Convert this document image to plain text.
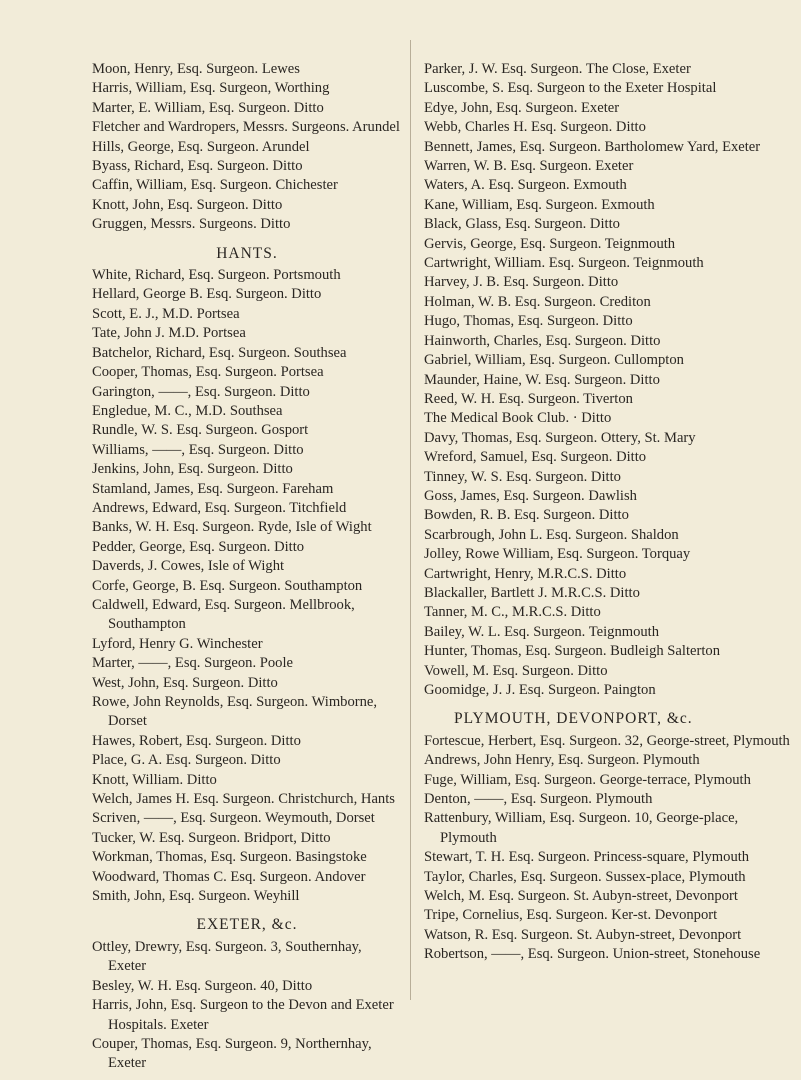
Moon, Henry, Esq. Surgeon. Lewes

Harris, William, Esq. Surgeon, Worthing

Marter, E. William, Esq. Surgeon. Ditto

Fletcher and Wardropers, Messrs. Surgeons. Arundel

Hills, George, Esq. Surgeon. Arundel

Byass, Richard, Esq. Surgeon. Ditto

Caffin, William, Esq. Surgeon. Chichester

Knott, John, Esq. Surgeon. Ditto

Gruggen, Messrs. Surgeons. Ditto

HANTS.

White, Richard, Esq. Surgeon. Portsmouth

Hellard, George B. Esq. Surgeon. Ditto

Scott, E. J., M.D. Portsea

Tate, John J. M.D. Portsea

Batchelor, Richard, Esq. Surgeon. Southsea

Cooper, Thomas, Esq. Surgeon. Portsea

Garington, ——, Esq. Surgeon. Ditto

Engledue, M. C., M.D. Southsea

Rundle, W. S. Esq. Surgeon. Gosport

Williams, ——, Esq. Surgeon. Ditto

Jenkins, John, Esq. Surgeon. Ditto

Stamland, James, Esq. Surgeon. Fareham

Andrews, Edward, Esq. Surgeon. Titchfield

Banks, W. H. Esq. Surgeon. Ryde, Isle of Wight

Pedder, George, Esq. Surgeon. Ditto

Daverds, J. Cowes, Isle of Wight

Corfe, George, B. Esq. Surgeon. Southampton

Caldwell, Edward, Esq. Surgeon. Mellbrook, Southampton

Lyford, Henry G. Winchester

Marter, ——, Esq. Surgeon. Poole

West, John, Esq. Surgeon. Ditto

Rowe, John Reynolds, Esq. Surgeon. Wimborne, Dorset

Hawes, Robert, Esq. Surgeon. Ditto

Place, G. A. Esq. Surgeon. Ditto

Knott, William. Ditto

Welch, James H. Esq. Surgeon. Christchurch, Hants

Scriven, ——, Esq. Surgeon. Weymouth, Dorset

Tucker, W. Esq. Surgeon. Bridport, Ditto

Workman, Thomas, Esq. Surgeon. Basingstoke

Woodward, Thomas C. Esq. Surgeon. Andover

Smith, John, Esq. Surgeon. Weyhill

EXETER, &c.

Ottley, Drewry, Esq. Surgeon. 3, Southernhay, Exeter

Besley, W. H. Esq. Surgeon. 40, Ditto

Harris, John, Esq. Surgeon to the Devon and Exeter Hospitals. Exeter

Couper, Thomas, Esq. Surgeon. 9, Northernhay, Exeter

Parker, J. W. Esq. Surgeon. The Close, Exeter

Luscombe, S. Esq. Surgeon to the Exeter Hospital

Edye, John, Esq. Surgeon. Exeter

Webb, Charles H. Esq. Surgeon. Ditto

Bennett, James, Esq. Surgeon. Bartholomew Yard, Exeter

Warren, W. B. Esq. Surgeon. Exeter

Waters, A. Esq. Surgeon. Exmouth

Kane, William, Esq. Surgeon. Exmouth

Black, Glass, Esq. Surgeon. Ditto

Gervis, George, Esq. Surgeon. Teignmouth

Cartwright, William. Esq. Surgeon. Teignmouth

Harvey, J. B. Esq. Surgeon. Ditto

Holman, W. B. Esq. Surgeon. Crediton

Hugo, Thomas, Esq. Surgeon. Ditto

Hainworth, Charles, Esq. Surgeon. Ditto

Gabriel, William, Esq. Surgeon. Cullompton

Maunder, Haine, W. Esq. Surgeon. Ditto

Reed, W. H. Esq. Surgeon. Tiverton

The Medical Book Club. · Ditto

Davy, Thomas, Esq. Surgeon. Ottery, St. Mary

Wreford, Samuel, Esq. Surgeon. Ditto

Tinney, W. S. Esq. Surgeon. Ditto

Goss, James, Esq. Surgeon. Dawlish

Bowden, R. B. Esq. Surgeon. Ditto

Scarbrough, John L. Esq. Surgeon. Shaldon

Jolley, Rowe William, Esq. Surgeon. Torquay

Cartwright, Henry, M.R.C.S. Ditto

Blackaller, Bartlett J. M.R.C.S. Ditto

Tanner, M. C., M.R.C.S. Ditto

Bailey, W. L. Esq. Surgeon. Teignmouth

Hunter, Thomas, Esq. Surgeon. Budleigh Salterton

Vowell, M. Esq. Surgeon. Ditto

Goomidge, J. J. Esq. Surgeon. Paington

PLYMOUTH, DEVONPORT, &c.

Fortescue, Herbert, Esq. Surgeon. 32, George-street, Plymouth

Andrews, John Henry, Esq. Surgeon. Plymouth

Fuge, William, Esq. Surgeon. George-terrace, Plymouth

Denton, ——, Esq. Surgeon. Plymouth

Rattenbury, William, Esq. Surgeon. 10, George-place, Plymouth

Stewart, T. H. Esq. Surgeon. Princess-square, Plymouth

Taylor, Charles, Esq. Surgeon. Sussex-place, Plymouth

Welch, M. Esq. Surgeon. St. Aubyn-street, Devonport

Tripe, Cornelius, Esq. Surgeon. Ker-st. Devonport

Watson, R. Esq. Surgeon. St. Aubyn-street, Devonport

Robertson, ——, Esq. Surgeon. Union-street, Stonehouse
